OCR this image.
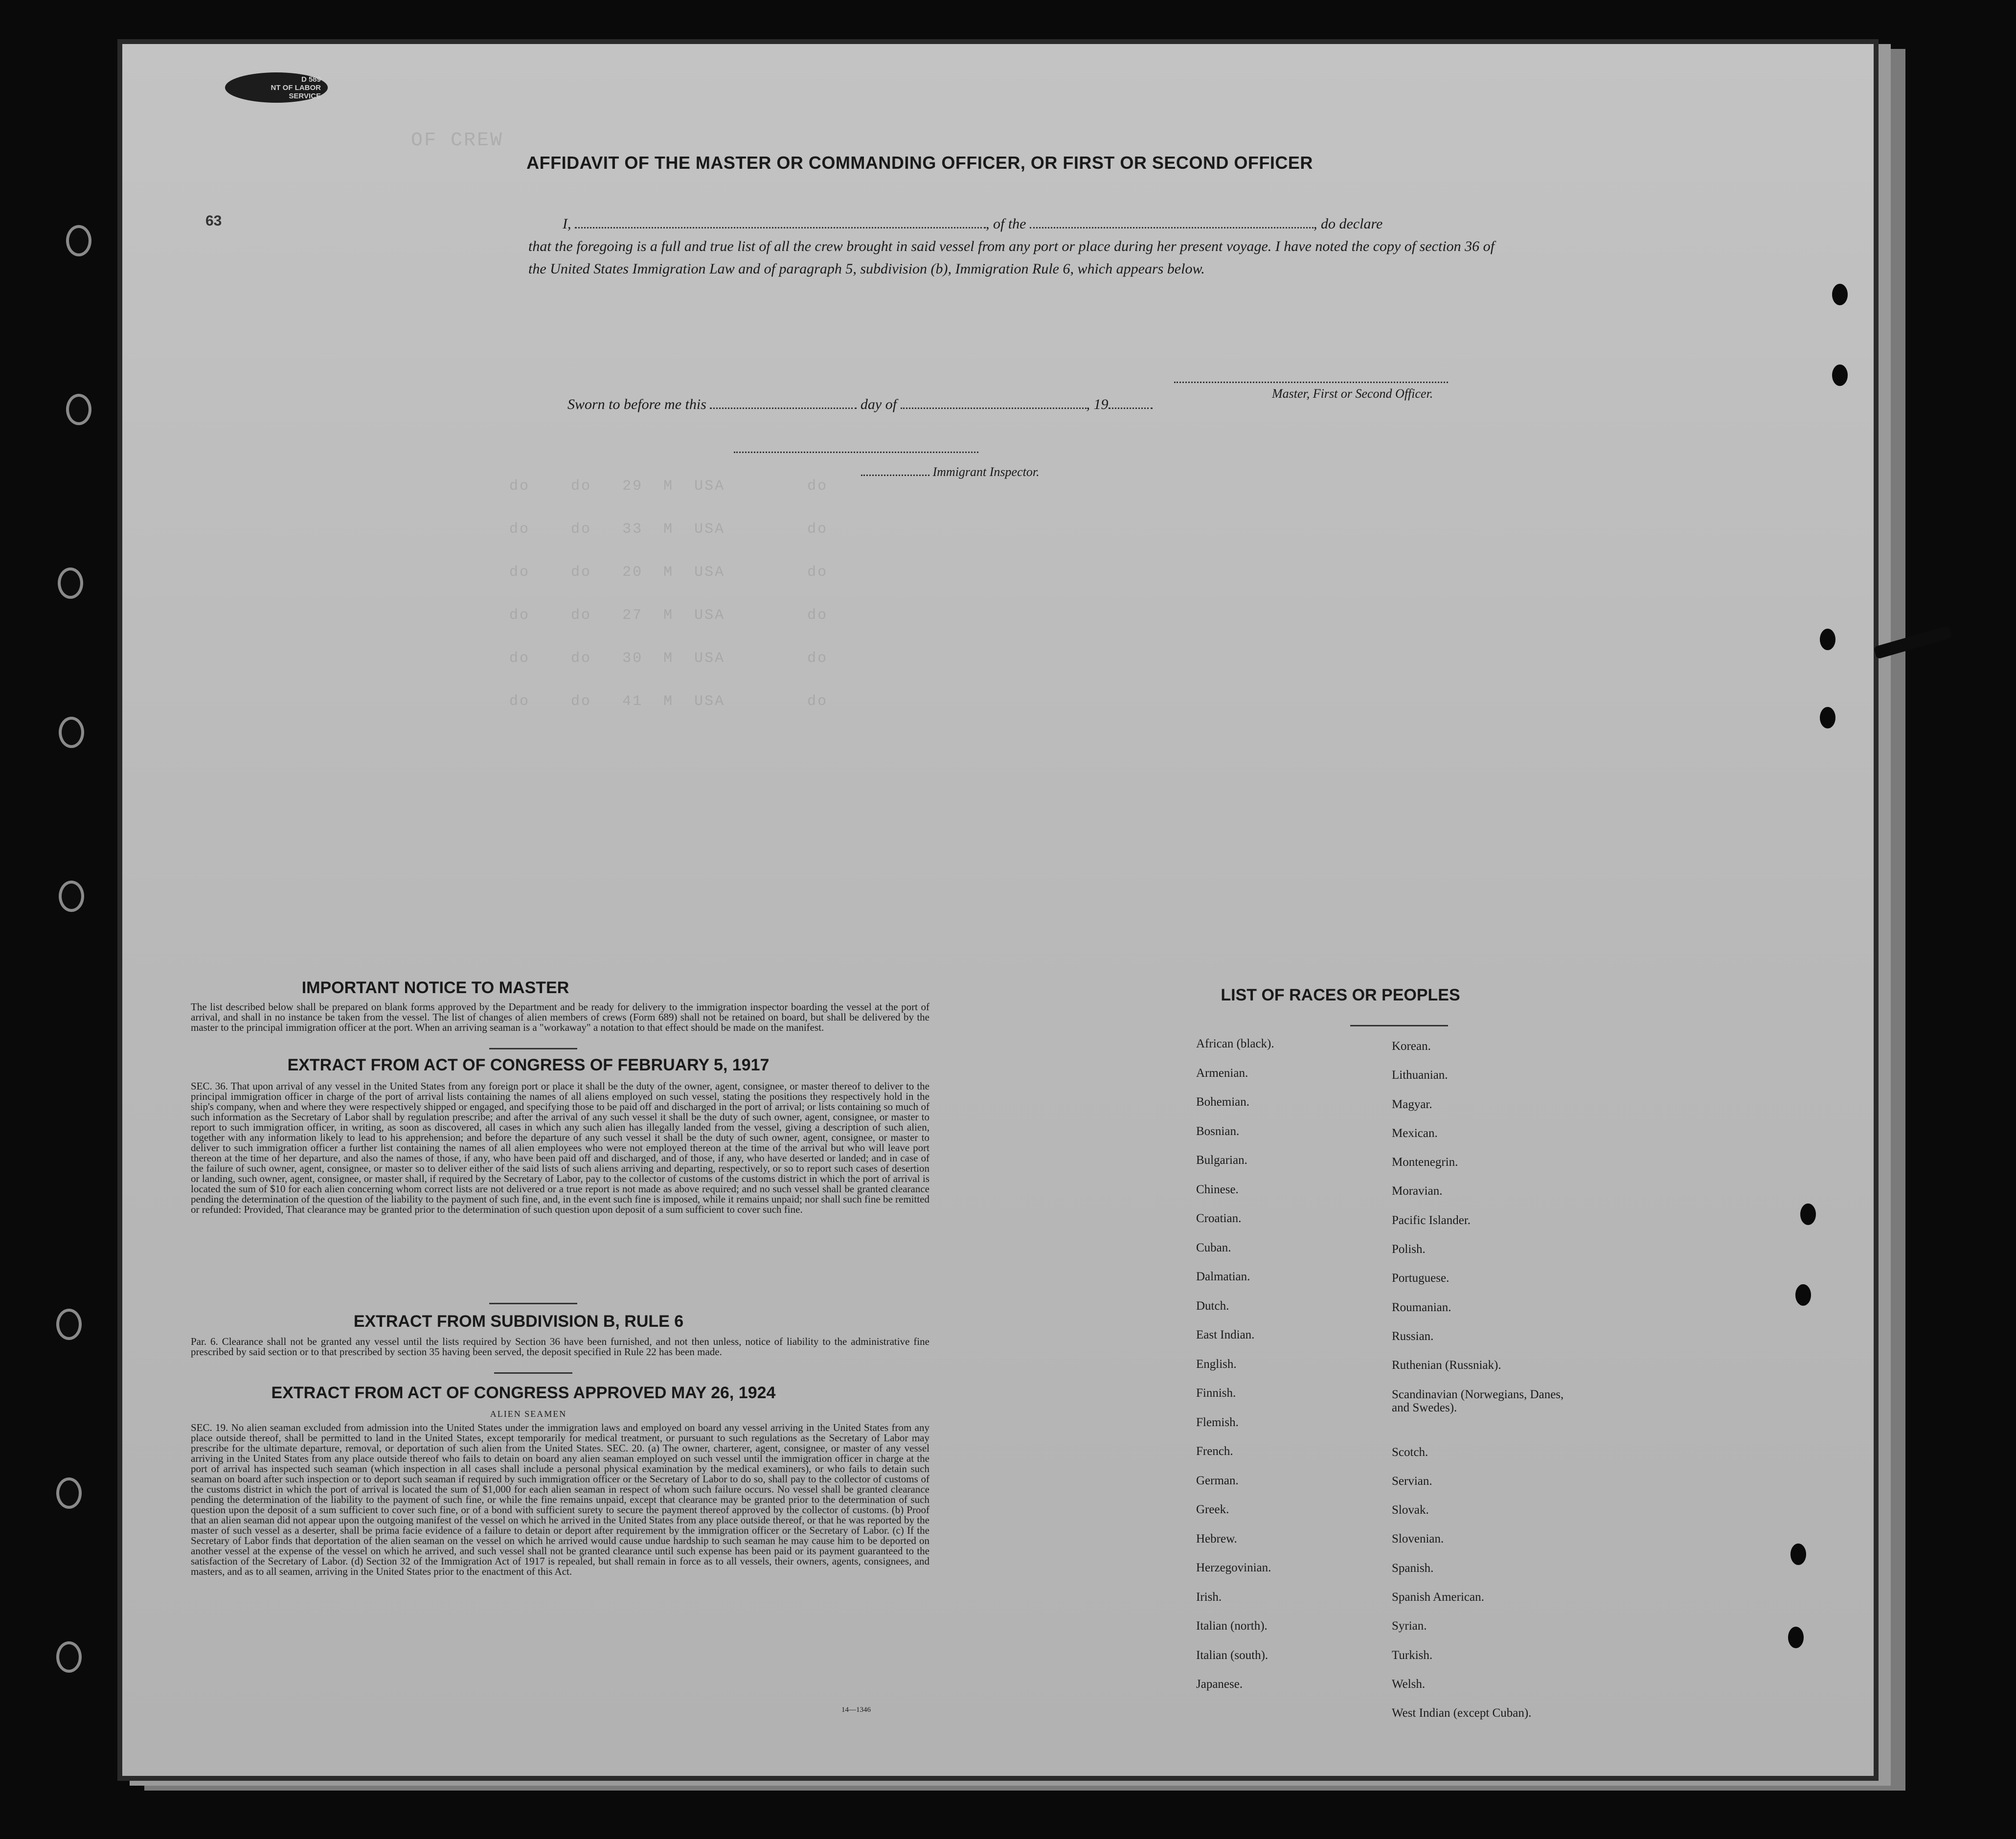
D 589
NT OF LABOR
SERVICE
63
AFFIDAVIT OF THE MASTER OR COMMANDING OFFICER, OR FIRST OR SECOND OFFICER
I,	, of the	, do declare
that the foregoing is a full and true list of all the crew brought in said vessel from any port or place during her present voyage. I have noted the copy of section 36 of the United States Immigration Law and of paragraph 5, subdivision (b), Immigration Rule 6, which appears below.
Master, First or Second Officer.
Sworn to before me this	day of	, 19
Immigrant Inspector.
OF CREW
do    do   29  M  USA        do
do    do   33  M  USA        do
do    do   20  M  USA        do
do    do   27  M  USA        do
do    do   30  M  USA        do
do    do   41  M  USA        do
IMPORTANT NOTICE TO MASTER
The list described below shall be prepared on blank forms approved by the Department and be ready for delivery to the immigration inspector boarding the vessel at the port of arrival, and shall in no instance be taken from the vessel. The list of changes of alien members of crews (Form 689) shall not be retained on board, but shall be delivered by the master to the principal immigration officer at the port. When an arriving seaman is a "workaway" a notation to that effect should be made on the manifest.
EXTRACT FROM ACT OF CONGRESS OF FEBRUARY 5, 1917
SEC. 36. That upon arrival of any vessel in the United States from any foreign port or place it shall be the duty of the owner, agent, consignee, or master thereof to deliver to the principal immigration officer in charge of the port of arrival lists containing the names of all aliens employed on such vessel, stating the positions they respectively hold in the ship's company, when and where they were respectively shipped or engaged, and specifying those to be paid off and discharged in the port of arrival; or lists containing so much of such information as the Secretary of Labor shall by regulation prescribe; and after the arrival of any such vessel it shall be the duty of such owner, agent, consignee, or master to report to such immigration officer, in writing, as soon as discovered, all cases in which any such alien has illegally landed from the vessel, giving a description of such alien, together with any information likely to lead to his apprehension; and before the departure of any such vessel it shall be the duty of such owner, agent, consignee, or master to deliver to such immigration officer a further list containing the names of all alien employees who were not employed thereon at the time of the arrival but who will leave port thereon at the time of her departure, and also the names of those, if any, who have been paid off and discharged, and of those, if any, who have deserted or landed; and in case of the failure of such owner, agent, consignee, or master so to deliver either of the said lists of such aliens arriving and departing, respectively, or so to report such cases of desertion or landing, such owner, agent, consignee, or master shall, if required by the Secretary of Labor, pay to the collector of customs of the customs district in which the port of arrival is located the sum of $10 for each alien concerning whom correct lists are not delivered or a true report is not made as above required; and no such vessel shall be granted clearance pending the determination of the question of the liability to the payment of such fine, and, in the event such fine is imposed, while it remains unpaid; nor shall such fine be remitted or refunded: Provided, That clearance may be granted prior to the determination of such question upon deposit of a sum sufficient to cover such fine.
EXTRACT FROM SUBDIVISION B, RULE 6
Par. 6. Clearance shall not be granted any vessel until the lists required by Section 36 have been furnished, and not then unless, notice of liability to the administrative fine prescribed by said section or to that prescribed by section 35 having been served, the deposit specified in Rule 22 has been made.
EXTRACT FROM ACT OF CONGRESS APPROVED MAY 26, 1924
ALIEN SEAMEN
SEC. 19. No alien seaman excluded from admission into the United States under the immigration laws and employed on board any vessel arriving in the United States from any place outside thereof, shall be permitted to land in the United States, except temporarily for medical treatment, or pursuant to such regulations as the Secretary of Labor may prescribe for the ultimate departure, removal, or deportation of such alien from the United States. SEC. 20. (a) The owner, charterer, agent, consignee, or master of any vessel arriving in the United States from any place outside thereof who fails to detain on board any alien seaman employed on such vessel until the immigration officer in charge at the port of arrival has inspected such seaman (which inspection in all cases shall include a personal physical examination by the medical examiners), or who fails to detain such seaman on board after such inspection or to deport such seaman if required by such immigration officer or the Secretary of Labor to do so, shall pay to the collector of customs of the customs district in which the port of arrival is located the sum of $1,000 for each alien seaman in respect of whom such failure occurs. No vessel shall be granted clearance pending the determination of the liability to the payment of such fine, or while the fine remains unpaid, except that clearance may be granted prior to the determination of such question upon the deposit of a sum sufficient to cover such fine, or of a bond with sufficient surety to secure the payment thereof approved by the collector of customs. (b) Proof that an alien seaman did not appear upon the outgoing manifest of the vessel on which he arrived in the United States from any place outside thereof, or that he was reported by the master of such vessel as a deserter, shall be prima facie evidence of a failure to detain or deport after requirement by the immigration officer or the Secretary of Labor. (c) If the Secretary of Labor finds that deportation of the alien seaman on the vessel on which he arrived would cause undue hardship to such seaman he may cause him to be deported on another vessel at the expense of the vessel on which he arrived, and such vessel shall not be granted clearance until such expense has been paid or its payment guaranteed to the satisfaction of the Secretary of Labor. (d) Section 32 of the Immigration Act of 1917 is repealed, but shall remain in force as to all vessels, their owners, agents, consignees, and masters, and as to all seamen, arriving in the United States prior to the enactment of this Act.
14—1346
LIST OF RACES OR PEOPLES
African (black).
Armenian.
Bohemian.
Bosnian.
Bulgarian.
Chinese.
Croatian.
Cuban.
Dalmatian.
Dutch.
East Indian.
English.
Finnish.
Flemish.
French.
German.
Greek.
Hebrew.
Herzegovinian.
Irish.
Italian (north).
Italian (south).
Japanese.
Korean.
Lithuanian.
Magyar.
Mexican.
Montenegrin.
Moravian.
Pacific Islander.
Polish.
Portuguese.
Roumanian.
Russian.
Ruthenian (Russniak).
Scandinavian (Norwegians, Danes, and Swedes).
Scotch.
Servian.
Slovak.
Slovenian.
Spanish.
Spanish American.
Syrian.
Turkish.
Welsh.
West Indian (except Cuban).
